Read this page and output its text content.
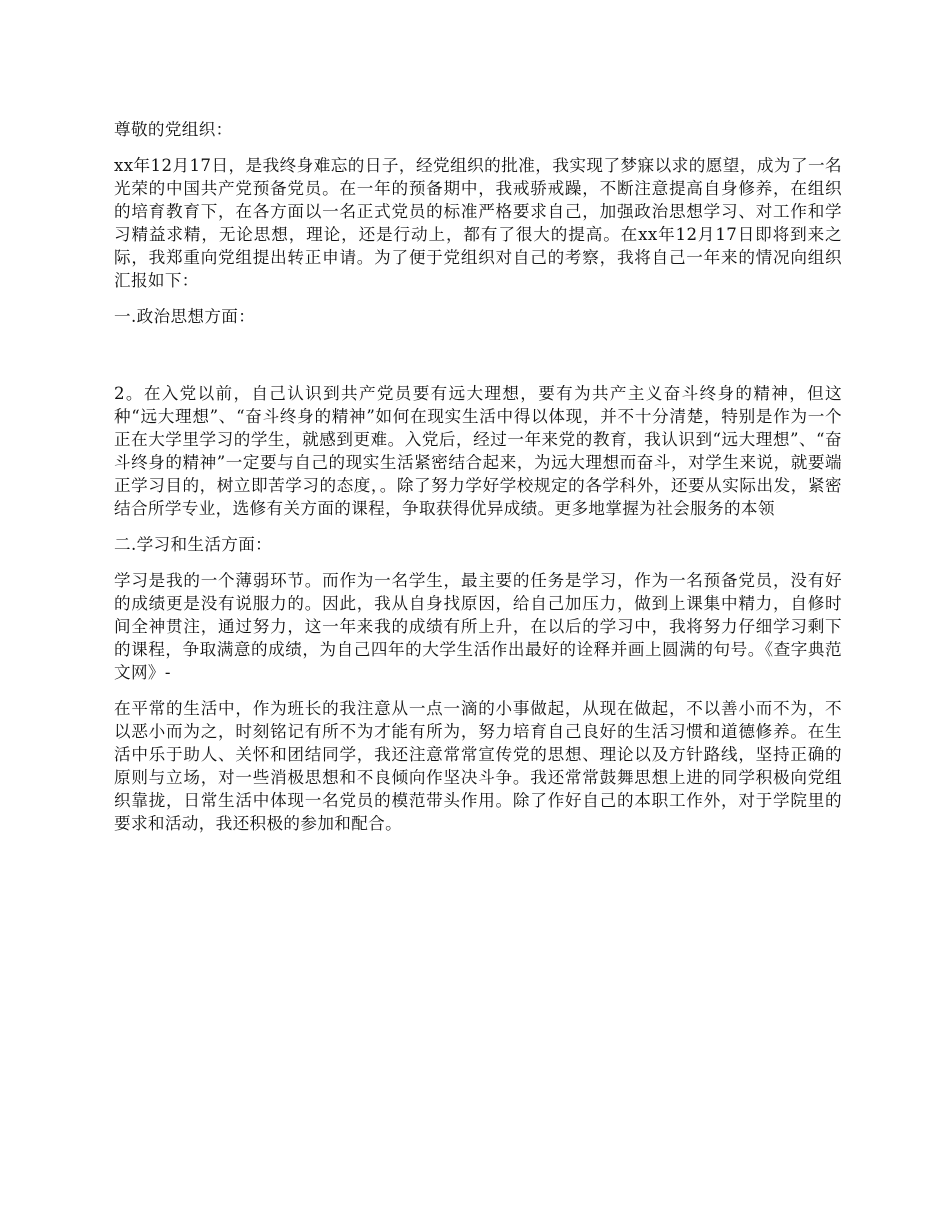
尊敬的党组织：

xx年12月17日，是我终身难忘的日子，经党组织的批准，我实现了梦寐以求的愿望，成为了一名光荣的中国共产党预备党员。在一年的预备期中，我戒骄戒躁，不断注意提高自身修养，在组织的培育教育下，在各方面以一名正式党员的标准严格要求自己，加强政治思想学习、对工作和学习精益求精，无论思想，理论，还是行动上，都有了很大的提高。在xx年12月17日即将到来之际，我郑重向党组提出转正申请。为了便于党组织对自己的考察，我将自己一年来的情况向组织汇报如下：

一.政治思想方面：

2。在入党以前，自己认识到共产党员要有远大理想，要有为共产主义奋斗终身的精神，但这种“远大理想”、“奋斗终身的精神”如何在现实生活中得以体现，并不十分清楚，特别是作为一个正在大学里学习的学生，就感到更难。入党后，经过一年来党的教育，我认识到“远大理想”、“奋斗终身的精神”一定要与自己的现实生活紧密结合起来，为远大理想而奋斗，对学生来说，就要端正学习目的，树立即苦学习的态度，。除了努力学好学校规定的各学科外，还要从实际出发，紧密结合所学专业，选修有关方面的课程，争取获得优异成绩。更多地掌握为社会服务的本领

二.学习和生活方面：

学习是我的一个薄弱环节。而作为一名学生，最主要的任务是学习，作为一名预备党员，没有好的成绩更是没有说服力的。因此，我从自身找原因，给自己加压力，做到上课集中精力，自修时间全神贯注，通过努力，这一年来我的成绩有所上升，在以后的学习中，我将努力仔细学习剩下的课程，争取满意的成绩，为自己四年的大学生活作出最好的诠释并画上圆满的句号。《查字典范文网》-

在平常的生活中，作为班长的我注意从一点一滴的小事做起，从现在做起，不以善小而不为，不以恶小而为之，时刻铭记有所不为才能有所为，努力培育自己良好的生活习惯和道德修养。在生活中乐于助人、关怀和团结同学，我还注意常常宣传党的思想、理论以及方针路线，坚持正确的原则与立场，对一些消极思想和不良倾向作坚决斗争。我还常常鼓舞思想上进的同学积极向党组织靠拢，日常生活中体现一名党员的模范带头作用。除了作好自己的本职工作外，对于学院里的要求和活动，我还积极的参加和配合。
